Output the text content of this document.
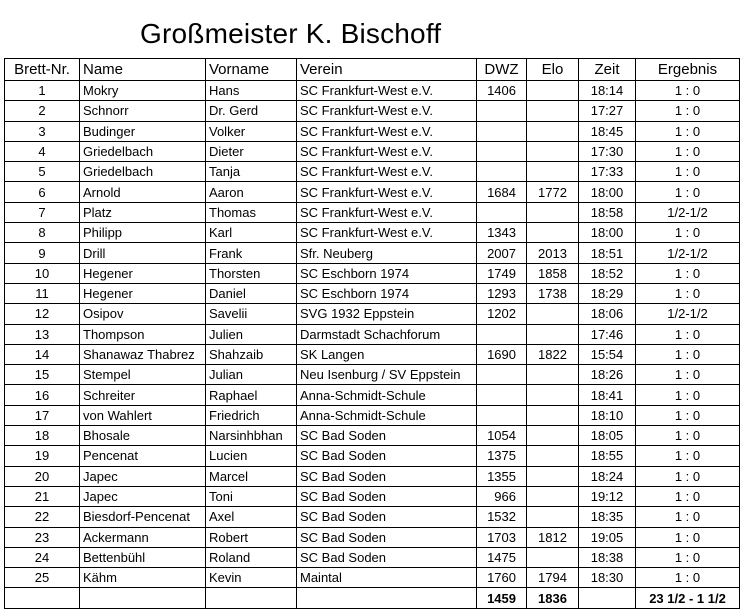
Großmeister K. Bischoff
Brett-Nr.	Name	Vorname	Verein	DWZ	Elo	Zeit	Ergebnis
1	Mokry	Hans	SC Frankfurt-West e.V.	1406		18:14	1 : 0
2	Schnorr	Dr. Gerd	SC Frankfurt-West e.V.			17:27	1 : 0
3	Budinger	Volker	SC Frankfurt-West e.V.			18:45	1 : 0
4	Griedelbach	Dieter	SC Frankfurt-West e.V.			17:30	1 : 0
5	Griedelbach	Tanja	SC Frankfurt-West e.V.			17:33	1 : 0
6	Arnold	Aaron	SC Frankfurt-West e.V.	1684	1772	18:00	1 : 0
7	Platz	Thomas	SC Frankfurt-West e.V.			18:58	1/2-1/2
8	Philipp	Karl	SC Frankfurt-West e.V.	1343		18:00	1 : 0
9	Drill	Frank	Sfr. Neuberg	2007	2013	18:51	1/2-1/2
10	Hegener	Thorsten	SC Eschborn 1974	1749	1858	18:52	1 : 0
11	Hegener	Daniel	SC Eschborn 1974	1293	1738	18:29	1 : 0
12	Osipov	Savelii	SVG 1932 Eppstein	1202		18:06	1/2-1/2
13	Thompson	Julien	Darmstadt Schachforum			17:46	1 : 0
14	Shanawaz Thabrez	Shahzaib	SK Langen	1690	1822	15:54	1 : 0
15	Stempel	Julian	Neu Isenburg / SV Eppstein			18:26	1 : 0
16	Schreiter	Raphael	Anna-Schmidt-Schule			18:41	1 : 0
17	von Wahlert	Friedrich	Anna-Schmidt-Schule			18:10	1 : 0
18	Bhosale	Narsinhbhan	SC Bad Soden	1054		18:05	1 : 0
19	Pencenat	Lucien	SC Bad Soden	1375		18:55	1 : 0
20	Japec	Marcel	SC Bad Soden	1355		18:24	1 : 0
21	Japec	Toni	SC Bad Soden	966		19:12	1 : 0
22	Biesdorf-Pencenat	Axel	SC Bad Soden	1532		18:35	1 : 0
23	Ackermann	Robert	SC Bad Soden	1703	1812	19:05	1 : 0
24	Bettenbühl	Roland	SC Bad Soden	1475		18:38	1 : 0
25	Kähm	Kevin	Maintal	1760	1794	18:30	1 : 0
				1459	1836		23 1/2 - 1 1/2
